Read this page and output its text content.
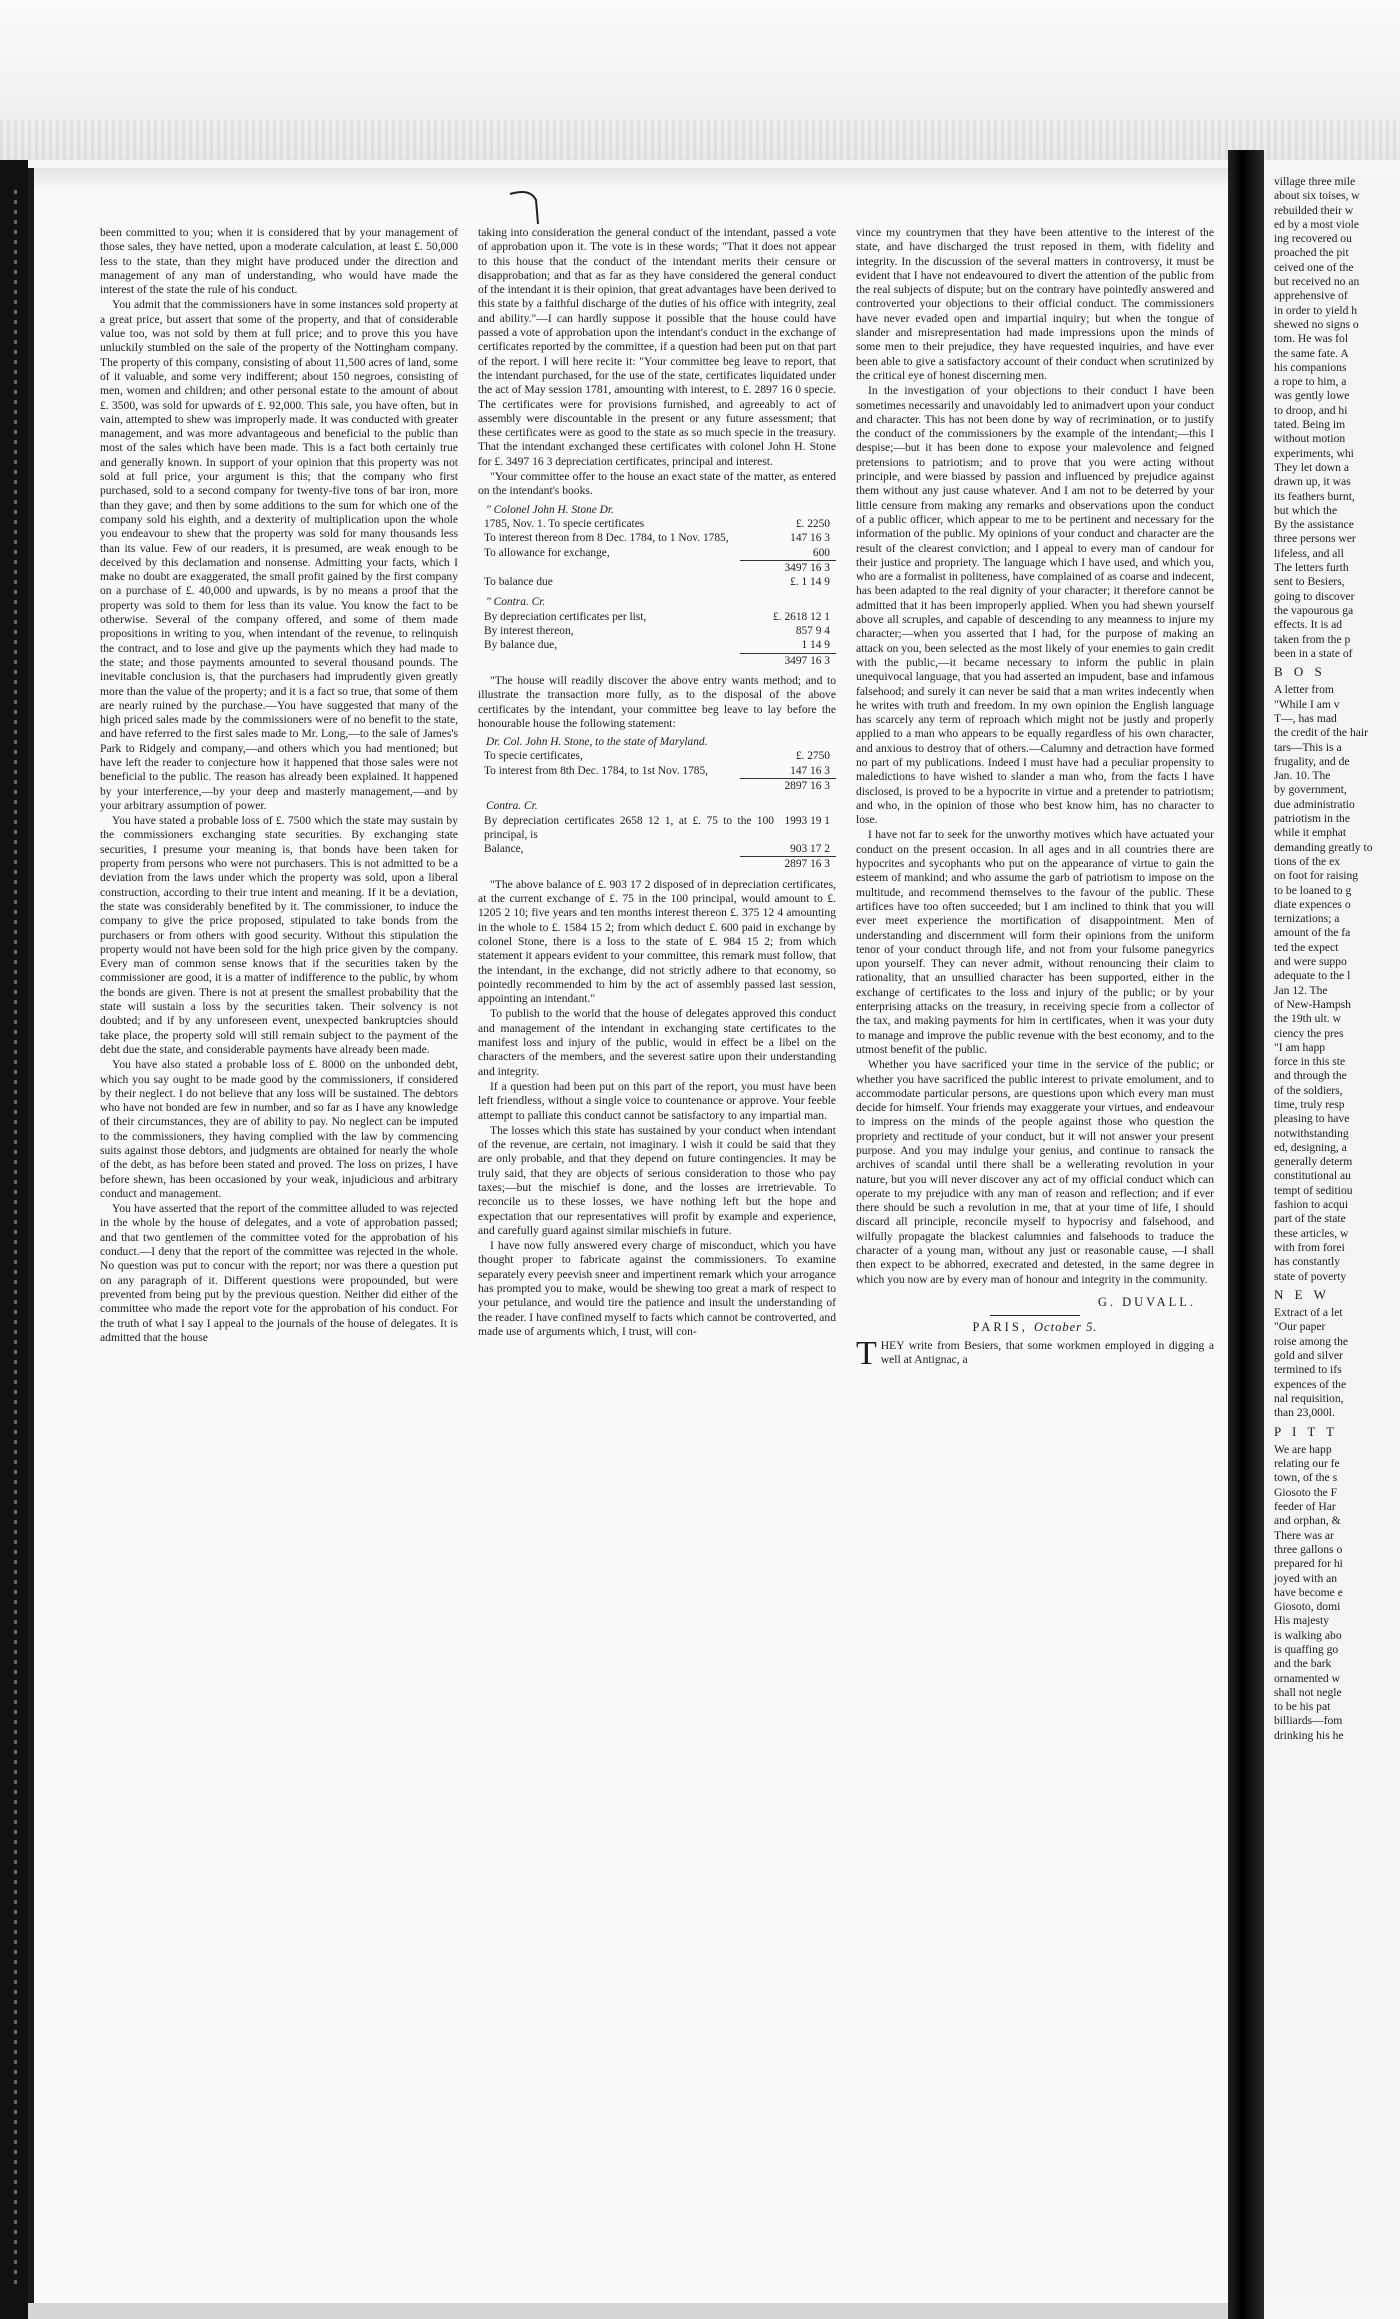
been committed to you; when it is considered that by your management of those sales, they have netted, upon a moderate calculation, at least £. 50,000 less to the state, than they might have produced under the direction and management of any man of understanding, who would have made the interest of the state the rule of his conduct.

You admit that the commissioners have in some instances sold property at a great price, but assert that some of the property, and that of considerable value too, was not sold by them at full price; and to prove this you have unluckily stumbled on the sale of the property of the Nottingham company. The property of this company, consisting of about 11,500 acres of land, some of it valuable, and some very indifferent; about 150 negroes, consisting of men, women and children; and other personal estate to the amount of about £. 3500, was sold for upwards of £. 92,000. This sale, you have often, but in vain, attempted to shew was improperly made. It was conducted with greater management, and was more advantageous and beneficial to the public than most of the sales which have been made. This is a fact both certainly true and generally known. In support of your opinion that this property was not sold at full price, your argument is this; that the company who first purchased, sold to a second company for twenty-five tons of bar iron, more than they gave; and then by some additions to the sum for which one of the company sold his eighth, and a dexterity of multiplication upon the whole you endeavour to shew that the property was sold for many thousands less than its value. Few of our readers, it is presumed, are weak enough to be deceived by this declamation and nonsense. Admitting your facts, which I make no doubt are exaggerated, the small profit gained by the first company on a purchase of £. 40,000 and upwards, is by no means a proof that the property was sold to them for less than its value. You know the fact to be otherwise. Several of the company offered, and some of them made propositions in writing to you, when intendant of the revenue, to relinquish the contract, and to lose and give up the payments which they had made to the state; and those payments amounted to several thousand pounds. The inevitable conclusion is, that the purchasers had imprudently given greatly more than the value of the property; and it is a fact so true, that some of them are nearly ruined by the purchase.—You have suggested that many of the high priced sales made by the commissioners were of no benefit to the state, and have referred to the first sales made to Mr. Long,—to the sale of James's Park to Ridgely and company,—and others which you had mentioned; but have left the reader to conjecture how it happened that those sales were not beneficial to the public. The reason has already been explained. It happened by your interference,—by your deep and masterly management,—and by your arbitrary assumption of power.

You have stated a probable loss of £. 7500 which the state may sustain by the commissioners exchanging state securities. By exchanging state securities, I presume your meaning is, that bonds have been taken for property from persons who were not purchasers. This is not admitted to be a deviation from the laws under which the property was sold, upon a liberal construction, according to their true intent and meaning. If it be a deviation, the state was considerably benefited by it. The commissioner, to induce the company to give the price proposed, stipulated to take bonds from the purchasers or from others with good security. Without this stipulation the property would not have been sold for the high price given by the company. Every man of common sense knows that if the securities taken by the commissioner are good, it is a matter of indifference to the public, by whom the bonds are given. There is not at present the smallest probability that the state will sustain a loss by the securities taken. Their solvency is not doubted; and if by any unforeseen event, unexpected bankruptcies should take place, the property sold will still remain subject to the payment of the debt due the state, and considerable payments have already been made.

You have also stated a probable loss of £. 8000 on the unbonded debt, which you say ought to be made good by the commissioners, if considered by their neglect. I do not believe that any loss will be sustained. The debtors who have not bonded are few in number, and so far as I have any knowledge of their circumstances, they are of ability to pay. No neglect can be imputed to the commissioners, they having complied with the law by commencing suits against those debtors, and judgments are obtained for nearly the whole of the debt, as has before been stated and proved. The loss on prizes, I have before shewn, has been occasioned by your weak, injudicious and arbitrary conduct and management.

You have asserted that the report of the committee alluded to was rejected in the whole by the house of delegates, and a vote of approbation passed; and that two gentlemen of the committee voted for the approbation of his conduct.—I deny that the report of the committee was rejected in the whole. No question was put to concur with the report; nor was there a question put on any paragraph of it. Different questions were propounded, but were prevented from being put by the previous question. Neither did either of the committee who made the report vote for the approbation of his conduct. For the truth of what I say I appeal to the journals of the house of delegates. It is admitted that the house

taking into consideration the general conduct of the intendant, passed a vote of approbation upon it. The vote is in these words; "That it does not appear to this house that the conduct of the intendant merits their censure or disapprobation; and that as far as they have considered the general conduct of the intendant it is their opinion, that great advantages have been derived to this state by a faithful discharge of the duties of his office with integrity, zeal and ability."—I can hardly suppose it possible that the house could have passed a vote of approbation upon the intendant's conduct in the exchange of certificates reported by the committee, if a question had been put on that part of the report. I will here recite it: "Your committee beg leave to report, that the intendant purchased, for the use of the state, certificates liquidated under the act of May session 1781, amounting with interest, to £. 2897 16 0 specie. The certificates were for provisions furnished, and agreeably to act of assembly were discountable in the present or any future assessment; that these certificates were as good to the state as so much specie in the treasury. That the intendant exchanged these certificates with colonel John H. Stone for £. 3497 16 3 depreciation certificates, principal and interest.

"Your committee offer to the house an exact state of the matter, as entered on the intendant's books.

" Colonel John H. Stone Dr.
1785, Nov. 1. To specie certificates	£. 2250
To interest thereon from 8 Dec. 1784, to 1 Nov. 1785,	147 16 3
To allowance for exchange,	600
3497 16 3
To balance due	£. 1 14 9
" Contra. Cr.
By depreciation certificates per list,	£. 2618 12 1
By interest thereon,	857 9 4
By balance due,	1 14 9
3497 16 3

"The house will readily discover the above entry wants method; and to illustrate the transaction more fully, as to the disposal of the above certificates by the intendant, your committee beg leave to lay before the honourable house the following statement:

Dr. Col. John H. Stone, to the state of Maryland.
To specie certificates,	£. 2750
To interest from 8th Dec. 1784, to 1st Nov. 1785,	147 16 3
2897 16 3
Contra. Cr.
By depreciation certificates 2658 12 1, at £. 75 to the 100 principal, is
1993 19 1
Balance,	903 17 2
2897 16 3

"The above balance of £. 903 17 2 disposed of in depreciation certificates, at the current exchange of £. 75 in the 100 principal, would amount to £. 1205 2 10; five years and ten months interest thereon £. 375 12 4 amounting in the whole to £. 1584 15 2; from which deduct £. 600 paid in exchange by colonel Stone, there is a loss to the state of £. 984 15 2; from which statement it appears evident to your committee, this remark must follow, that the intendant, in the exchange, did not strictly adhere to that economy, so pointedly recommended to him by the act of assembly passed last session, appointing an intendant."

To publish to the world that the house of delegates approved this conduct and management of the intendant in exchanging state certificates to the manifest loss and injury of the public, would in effect be a libel on the characters of the members, and the severest satire upon their understanding and integrity.

If a question had been put on this part of the report, you must have been left friendless, without a single voice to countenance or approve. Your feeble attempt to palliate this conduct cannot be satisfactory to any impartial man.

The losses which this state has sustained by your conduct when intendant of the revenue, are certain, not imaginary. I wish it could be said that they are only probable, and that they depend on future contingencies. It may be truly said, that they are objects of serious consideration to those who pay taxes;—but the mischief is done, and the losses are irretrievable. To reconcile us to these losses, we have nothing left but the hope and expectation that our representatives will profit by example and experience, and carefully guard against similar mischiefs in future.

I have now fully answered every charge of misconduct, which you have thought proper to fabricate against the commissioners. To examine separately every peevish sneer and impertinent remark which your arrogance has prompted you to make, would be shewing too great a mark of respect to your petulance, and would tire the patience and insult the understanding of the reader. I have confined myself to facts which cannot be controverted, and made use of arguments which, I trust, will con-

vince my countrymen that they have been attentive to the interest of the state, and have discharged the trust reposed in them, with fidelity and integrity. In the discussion of the several matters in controversy, it must be evident that I have not endeavoured to divert the attention of the public from the real subjects of dispute; but on the contrary have pointedly answered and controverted your objections to their official conduct. The commissioners have never evaded open and impartial inquiry; but when the tongue of slander and misrepresentation had made impressions upon the minds of some men to their prejudice, they have requested inquiries, and have ever been able to give a satisfactory account of their conduct when scrutinized by the critical eye of honest discerning men.

In the investigation of your objections to their conduct I have been sometimes necessarily and unavoidably led to animadvert upon your conduct and character. This has not been done by way of recrimination, or to justify the conduct of the commissioners by the example of the intendant;—this I despise;—but it has been done to expose your malevolence and feigned pretensions to patriotism; and to prove that you were acting without principle, and were biassed by passion and influenced by prejudice against them without any just cause whatever. And I am not to be deterred by your little censure from making any remarks and observations upon the conduct of a public officer, which appear to me to be pertinent and necessary for the information of the public. My opinions of your conduct and character are the result of the clearest conviction; and I appeal to every man of candour for their justice and propriety. The language which I have used, and which you, who are a formalist in politeness, have complained of as coarse and indecent, has been adapted to the real dignity of your character; it therefore cannot be admitted that it has been improperly applied. When you had shewn yourself above all scruples, and capable of descending to any meanness to injure my character;—when you asserted that I had, for the purpose of making an attack on you, been selected as the most likely of your enemies to gain credit with the public,—it became necessary to inform the public in plain unequivocal language, that you had asserted an impudent, base and infamous falsehood; and surely it can never be said that a man writes indecently when he writes with truth and freedom. In my own opinion the English language has scarcely any term of reproach which might not be justly and properly applied to a man who appears to be equally regardless of his own character, and anxious to destroy that of others.—Calumny and detraction have formed no part of my publications. Indeed I must have had a peculiar propensity to maledictions to have wished to slander a man who, from the facts I have disclosed, is proved to be a hypocrite in virtue and a pretender to patriotism; and who, in the opinion of those who best know him, has no character to lose.

I have not far to seek for the unworthy motives which have actuated your conduct on the present occasion. In all ages and in all countries there are hypocrites and sycophants who put on the appearance of virtue to gain the esteem of mankind; and who assume the garb of patriotism to impose on the multitude, and recommend themselves to the favour of the public. These artifices have too often succeeded; but I am inclined to think that you will ever meet experience the mortification of disappointment. Men of understanding and discernment will form their opinions from the uniform tenor of your conduct through life, and not from your fulsome panegyrics upon yourself. They can never admit, without renouncing their claim to rationality, that an unsullied character has been supported, either in the exchange of certificates to the loss and injury of the public; or by your enterprising attacks on the treasury, in receiving specie from a collector of the tax, and making payments for him in certificates, when it was your duty to manage and improve the public revenue with the best economy, and to the utmost benefit of the public.

Whether you have sacrificed your time in the service of the public; or whether you have sacrificed the public interest to private emolument, and to accommodate particular persons, are questions upon which every man must decide for himself. Your friends may exaggerate your virtues, and endeavour to impress on the minds of the people against those who question the propriety and rectitude of your conduct, but it will not answer your present purpose. And you may indulge your genius, and continue to ransack the archives of scandal until there shall be a wellerating revolution in your nature, but you will never discover any act of my official conduct which can operate to my prejudice with any man of reason and reflection; and if ever there should be such a revolution in me, that at your time of life, I should discard all principle, reconcile myself to hypocrisy and falsehood, and wilfully propagate the blackest calumnies and falsehoods to traduce the character of a young man, without any just or reasonable cause, —I shall then expect to be abhorred, execrated and detested, in the same degree in which you now are by every man of honour and integrity in the community.

G. DUVALL.
PARIS, October 5.

THEY write from Besiers, that some workmen employed in digging a well at Antignac, a

village three mile

about six toises, w

rebuilded their w

ed by a most viole

ing recovered ou

proached the pit

ceived one of the

but received no an

apprehensive of

in order to yield h

shewed no signs o

tom. He was fol

the same fate. A

his companions

a rope to him, a

was gently lowe

to droop, and hi

tated. Being im

without motion

experiments, whi

They let down a

drawn up, it was

its feathers burnt,

but which the

By the assistance

three persons wer

lifeless, and all

The letters furth

sent to Besiers,

going to discover

the vapourous ga

effects. It is ad

taken from the p

been in a state of

B O S

A letter from

"While I am v

T—, has mad

the credit of the hair

tars—This is a

frugality, and de

Jan. 10. The

by government,

due administratio

patriotism in the

while it emphat

demanding greatly to

tions of the ex

on foot for raising

to be loaned to g

diate expences o

ternizations; a

amount of the fa

ted the expect

and were suppo

adequate to the l

Jan 12. The

of New-Hampsh

the 19th ult. w

ciency the pres

"I am happ

force in this ste

and through the

of the soldiers,

time, truly resp

pleasing to have

notwithstanding

ed, designing, a

generally determ

constitutional au

tempt of seditiou

fashion to acqui

part of the state

these articles, w

with from forei

has constantly

state of poverty

N E W

Extract of a let

"Our paper

roise among the

gold and silver

termined to ifs

expences of the

nal requisition,

than 23,000l.

P I T T

We are happ

relating our fe

town, of the s

Giosoto the F

feeder of Har

and orphan, &

There was ar

three gallons o

prepared for hi

joyed with an

have become e

Giosoto, domi

His majesty

is walking abo

is quaffing go

and the bark

ornamented w

shall not negle

to be his pat

billiards—fom

drinking his he
